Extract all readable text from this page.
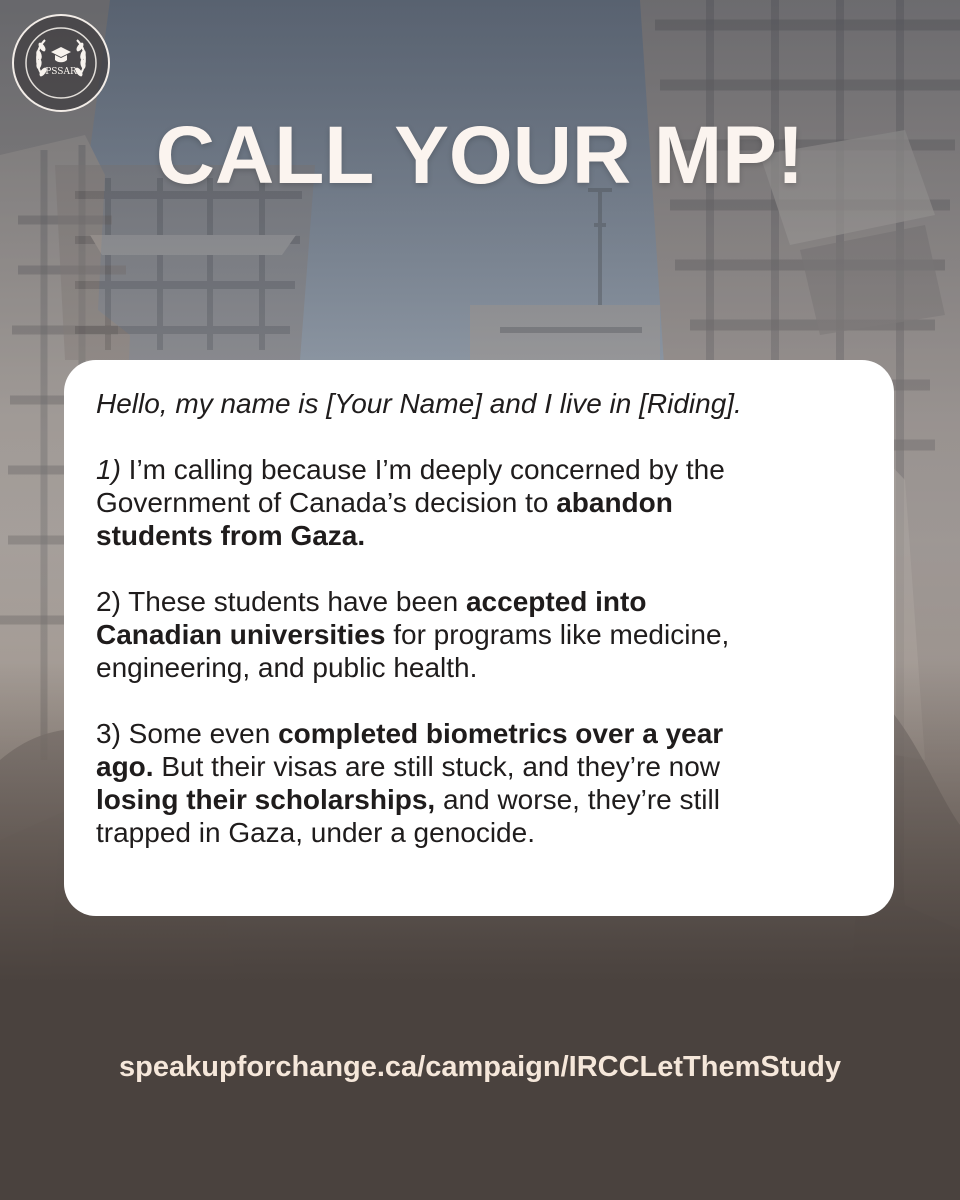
PSSAR
CALL YOUR MP!

Hello, my name is [Your Name] and I live in [Riding].

1) I’m calling because I’m deeply concerned by the
Government of Canada’s decision to abandon
students from Gaza.

2) These students have been accepted into
Canadian universities for programs like medicine,
engineering, and public health.

3) Some even completed biometrics over a year
ago. But their visas are still stuck, and they’re now
losing their scholarships, and worse, they’re still
trapped in Gaza, under a genocide.

speakupforchange.ca/campaign/IRCCLetThemStudy
